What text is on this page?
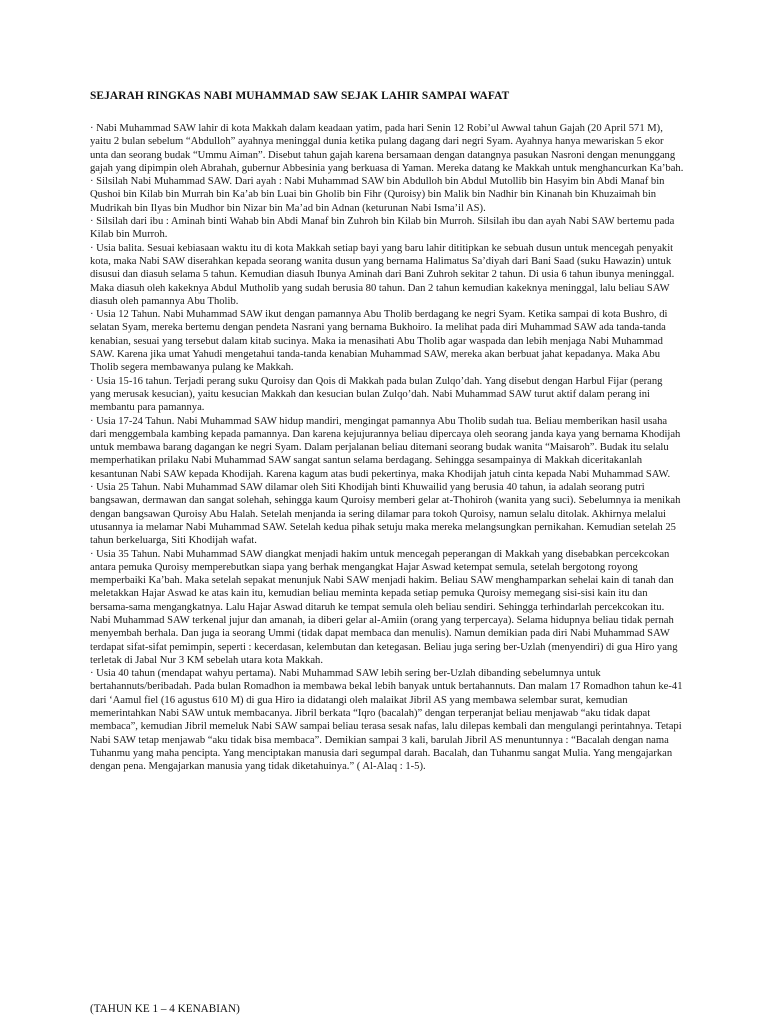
SEJARAH RINGKAS NABI MUHAMMAD SAW SEJAK LAHIR SAMPAI WAFAT

· Nabi Muhammad SAW lahir di kota Makkah dalam keadaan yatim, pada hari Senin 12 Robi’ul Awwal tahun Gajah (20 April 571 M), yaitu 2 bulan sebelum “Abdulloh” ayahnya meninggal dunia ketika pulang dagang dari negri Syam. Ayahnya hanya mewariskan 5 ekor unta dan seorang budak “Ummu Aiman”. Disebut tahun gajah karena bersamaan dengan datangnya pasukan Nasroni dengan menunggang gajah yang dipimpin oleh Abrahah, gubernur Abbesinia yang berkuasa di Yaman. Mereka datang ke Makkah untuk menghancurkan Ka’bah.

· Silsilah Nabi Muhammad SAW. Dari ayah : Nabi Muhammad SAW bin Abdulloh bin Abdul Mutollib bin Hasyim bin Abdi Manaf bin Qushoi bin Kilab bin Murrah bin Ka’ab bin Luai bin Gholib bin Fihr (Quroisy) bin Malik bin Nadhir bin Kinanah bin Khuzaimah bin Mudrikah bin Ilyas bin Mudhor bin Nizar bin Ma’ad bin Adnan (keturunan Nabi Isma’il AS).

· Silsilah dari ibu : Aminah binti Wahab bin Abdi Manaf bin Zuhroh bin Kilab bin Murroh. Silsilah ibu dan ayah Nabi SAW bertemu pada Kilab bin Murroh.

· Usia balita. Sesuai kebiasaan waktu itu di kota Makkah setiap bayi yang baru lahir dititipkan ke sebuah dusun untuk mencegah penyakit kota, maka Nabi SAW diserahkan kepada seorang wanita dusun yang bernama Halimatus Sa’diyah dari Bani Saad (suku Hawazin) untuk disusui dan diasuh selama 5 tahun. Kemudian diasuh Ibunya Aminah dari Bani Zuhroh sekitar 2 tahun. Di usia 6 tahun ibunya meninggal. Maka diasuh oleh kakeknya Abdul Mutholib yang sudah berusia 80 tahun. Dan 2 tahun kemudian kakeknya meninggal, lalu beliau SAW diasuh oleh pamannya Abu Tholib.

· Usia 12 Tahun. Nabi Muhammad SAW ikut dengan pamannya Abu Tholib berdagang ke negri Syam. Ketika sampai di kota Bushro, di selatan Syam, mereka bertemu dengan pendeta Nasrani yang bernama Bukhoiro. Ia melihat pada diri Muhammad SAW ada tanda-tanda kenabian, sesuai yang tersebut dalam kitab sucinya. Maka ia menasihati Abu Tholib agar waspada dan lebih menjaga Nabi Muhammad SAW. Karena jika umat Yahudi mengetahui tanda-tanda kenabian Muhammad SAW, mereka akan berbuat jahat kepadanya. Maka Abu Tholib segera membawanya pulang ke Makkah.

· Usia 15-16 tahun. Terjadi perang suku Quroisy dan Qois di Makkah pada bulan Zulqo’dah. Yang disebut dengan Harbul Fijar (perang yang merusak kesucian), yaitu kesucian Makkah dan kesucian bulan Zulqo’dah. Nabi Muhammad SAW turut aktif dalam perang ini membantu para pamannya.

· Usia 17-24 Tahun. Nabi Muhammad SAW hidup mandiri, mengingat pamannya Abu Tholib sudah tua. Beliau memberikan hasil usaha dari menggembala kambing kepada pamannya. Dan karena kejujurannya beliau dipercaya oleh seorang janda kaya yang bernama Khodijah untuk membawa barang dagangan ke negri Syam. Dalam perjalanan beliau ditemani seorang budak wanita “Maisaroh”. Budak itu selalu memperhatikan prilaku Nabi Muhammad SAW sangat santun selama berdagang. Sehingga sesampainya di Makkah diceritakanlah kesantunan Nabi SAW kepada Khodijah. Karena kagum atas budi pekertinya, maka Khodijah jatuh cinta kepada Nabi Muhammad SAW.

· Usia 25 Tahun. Nabi Muhammad SAW dilamar oleh Siti Khodijah binti Khuwailid yang berusia 40 tahun, ia adalah seorang putri bangsawan, dermawan dan sangat solehah, sehingga kaum Quroisy memberi gelar at-Thohiroh (wanita yang suci). Sebelumnya ia menikah dengan bangsawan Quroisy Abu Halah. Setelah menjanda ia sering dilamar para tokoh Quroisy, namun selalu ditolak. Akhirnya melalui utusannya ia melamar Nabi Muhammad SAW. Setelah kedua pihak setuju maka mereka melangsungkan pernikahan. Kemudian setelah 25 tahun berkeluarga, Siti Khodijah wafat.

· Usia 35 Tahun. Nabi Muhammad SAW diangkat menjadi hakim untuk mencegah peperangan di Makkah yang disebabkan percekcokan antara pemuka Quroisy memperebutkan siapa yang berhak mengangkat Hajar Aswad ketempat semula, setelah bergotong royong memperbaiki Ka’bah. Maka setelah sepakat menunjuk Nabi SAW menjadi hakim. Beliau SAW menghamparkan sehelai kain di tanah dan meletakkan Hajar Aswad ke atas kain itu, kemudian beliau meminta kepada setiap pemuka Quroisy memegang sisi-sisi kain itu dan bersama-sama mengangkatnya. Lalu Hajar Aswad ditaruh ke tempat semula oleh beliau sendiri. Sehingga terhindarlah percekcokan itu. Nabi Muhammad SAW terkenal jujur dan amanah, ia diberi gelar al-Amiin (orang yang terpercaya). Selama hidupnya beliau tidak pernah menyembah berhala. Dan juga ia seorang Ummi (tidak dapat membaca dan menulis). Namun demikian pada diri Nabi Muhammad SAW terdapat sifat-sifat pemimpin, seperti : kecerdasan, kelembutan dan ketegasan. Beliau juga sering ber-Uzlah (menyendiri) di gua Hiro yang terletak di Jabal Nur 3 KM sebelah utara kota Makkah.

· Usia 40 tahun (mendapat wahyu pertama). Nabi Muhammad SAW lebih sering ber-Uzlah dibanding sebelumnya untuk bertahannuts/beribadah. Pada bulan Romadhon ia membawa bekal lebih banyak untuk bertahannuts. Dan malam 17 Romadhon tahun ke-41 dari ‘Aamul fiel (16 agustus 610 M) di gua Hiro ia didatangi oleh malaikat Jibril AS yang membawa selembar surat, kemudian memerintahkan Nabi SAW untuk membacanya. Jibril berkata “Iqro (bacalah)” dengan terperanjat beliau menjawab “aku tidak dapat membaca”, kemudian Jibril memeluk Nabi SAW sampai beliau terasa sesak nafas, lalu dilepas kembali dan mengulangi perintahnya. Tetapi Nabi SAW tetap menjawab “aku tidak bisa membaca”. Demikian sampai 3 kali, barulah Jibril AS menuntunnya : “Bacalah dengan nama Tuhanmu yang maha pencipta. Yang menciptakan manusia dari segumpal darah. Bacalah, dan Tuhanmu sangat Mulia. Yang mengajarkan dengan pena. Mengajarkan manusia yang tidak diketahuinya.” ( Al-Alaq : 1-5).

(TAHUN KE 1 – 4 KENABIAN)
